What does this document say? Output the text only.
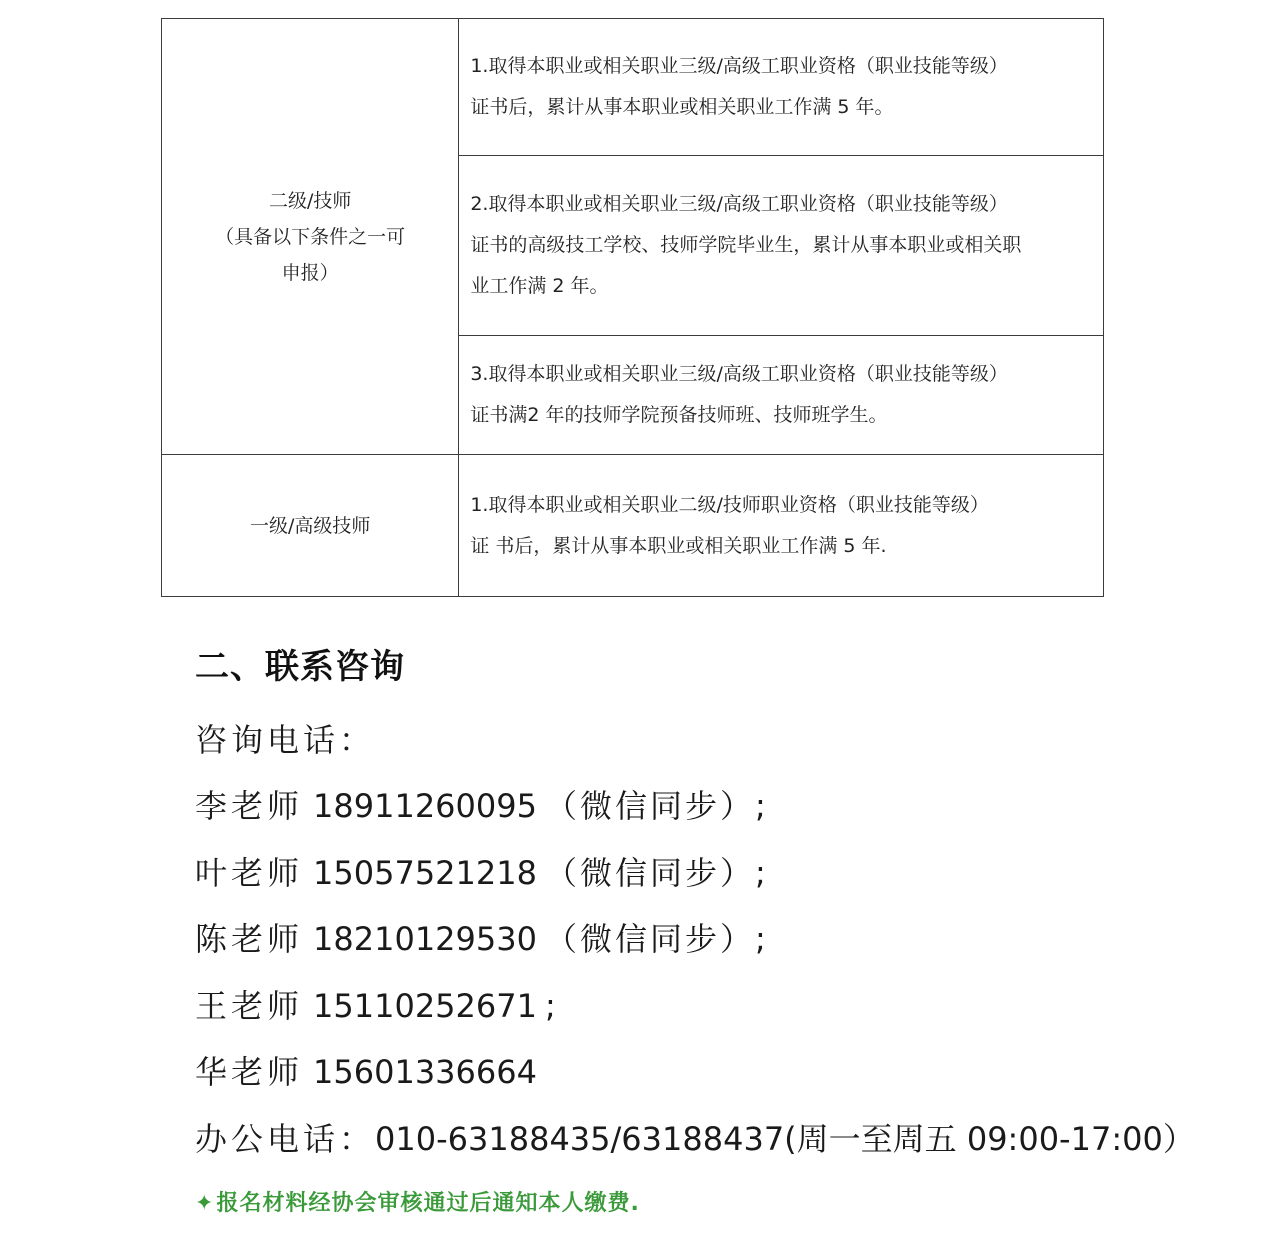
二级/技师
（具备以下条件之一可
申报）	1.取得本职业或相关职业三级/高级工职业资格（职业技能等级）
证书后，累计从事本职业或相关职业工作满 5 年。

	2.取得本职业或相关职业三级/高级工职业资格（职业技能等级）
证书的高级技工学校、技师学院毕业生，累计从事本职业或相关职
业工作满 2 年。

	3.取得本职业或相关职业三级/高级工职业资格（职业技能等级）
证书满2 年的技师学院预备技师班、技师班学生。

一级/高级技师	1.取得本职业或相关职业二级/技师职业资格（职业技能等级）
证 书后，累计从事本职业或相关职业工作满 5 年.
二、联系咨询
咨询电话：
李老师 18911260095 （微信同步）;
叶老师 15057521218 （微信同步）;
陈老师 18210129530 （微信同步）;
王老师 15110252671 ;
华老师 15601336664
办公电话：010-63188435/63188437(周一至周五 09:00-17:00）
✦报名材料经协会审核通过后通知本人缴费.
